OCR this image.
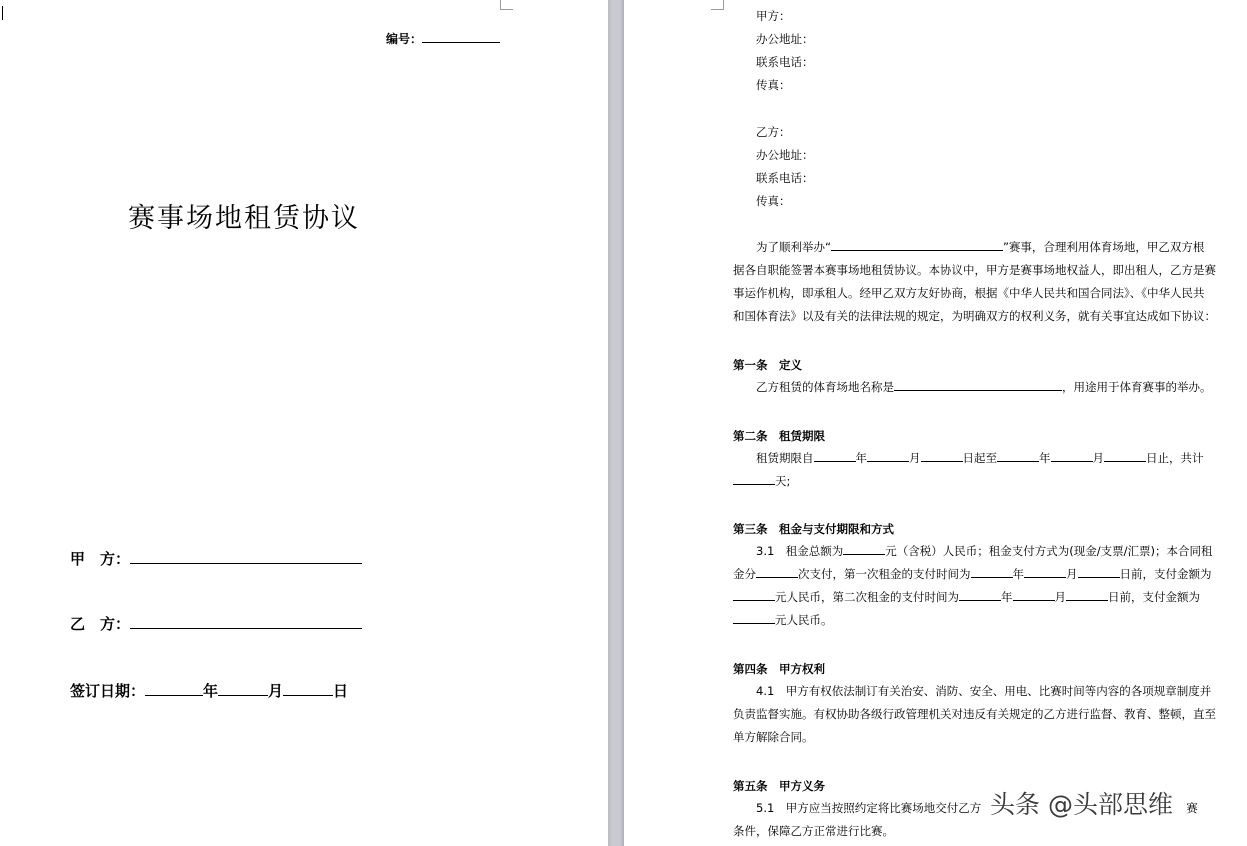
编号：
赛事场地租赁协议
甲　方：
乙　方：
签订日期：	年	月	日
甲方：
办公地址：
联系电话：
传真：
乙方：
办公地址：
联系电话：
传真：
为了顺利举办“	”赛事，合理利用体育场地，甲乙双方根
据各自职能签署本赛事场地租赁协议。本协议中，甲方是赛事场地权益人，即出租人，乙方是赛
事运作机构，即承租人。经甲乙双方友好协商，根据《中华人民共和国合同法》、《中华人民共
和国体育法》以及有关的法律法规的规定，为明确双方的权利义务，就有关事宜达成如下协议：
第一条　定义
乙方租赁的体育场地名称是	，用途用于体育赛事的举办。
第二条　租赁期限
租赁期限自	年	月	日起至	年	月	日止，共计
天;
第三条　租金与支付期限和方式
3.1　租金总额为	元（含税）人民币；租金支付方式为(现金/支票/汇票)；本合同租
金分	次支付，第一次租金的支付时间为	年	月	日前，支付金额为
元人民币，第二次租金的支付时间为	年	月	日前，支付金额为
元人民币。
第四条　甲方权利
4.1　甲方有权依法制订有关治安、消防、安全、用电、比赛时间等内容的各项规章制度并
负责监督实施。有权协助各级行政管理机关对违反有关规定的乙方进行监督、教育、整顿，直至
单方解除合同。
第五条　甲方义务
5.1　甲方应当按照约定将比赛场地交付乙方	赛
条件，保障乙方正常进行比赛。
头条 @头部思维
